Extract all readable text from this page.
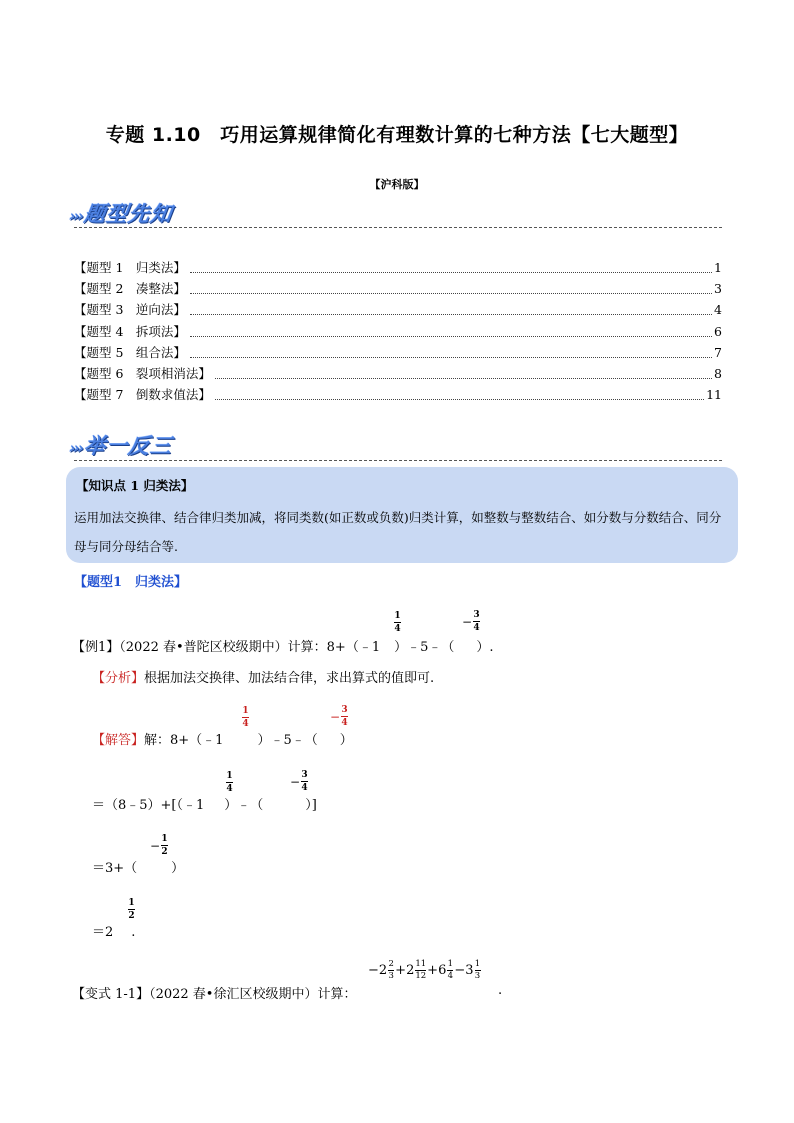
专题 1.10　巧用运算规律简化有理数计算的七种方法【七大题型】
【沪科版】
›››题型先知
【题型 1　归类法】	1
【题型 2　凑整法】	3
【题型 3　逆向法】	4
【题型 4　拆项法】	6
【题型 5　组合法】	7
【题型 6　裂项相消法】	8
【题型 7　倒数求值法】	11
›››举一反三
【知识点 1 归类法】
运用加法交换律、结合律归类加减，将同类数(如正数或负数)归类计算，如整数与整数结合、如分数与分数结合、同分母与同分母结合等.
【题型1　归类法】
【例1】（2022 春•普陀区校级期中）计算：8+（﹣1 ）﹣5﹣（ ）.
1
4
− 3
4
【分析】根据加法交换律、加法结合律，求出算式的值即可.
【解答】解：8+（﹣1	）﹣5﹣（ ）
1
4
− 3
4
＝（8﹣5）+[（﹣1 ）﹣（	）]
1
4
− 3
4
＝3+（	）
− 1
2
＝2 .
1
2
【变式 1-1】（2022 春•徐汇区校级期中）计算：
−2 2
3 +2 11
12 +6 1
4 −3 1
3
.
